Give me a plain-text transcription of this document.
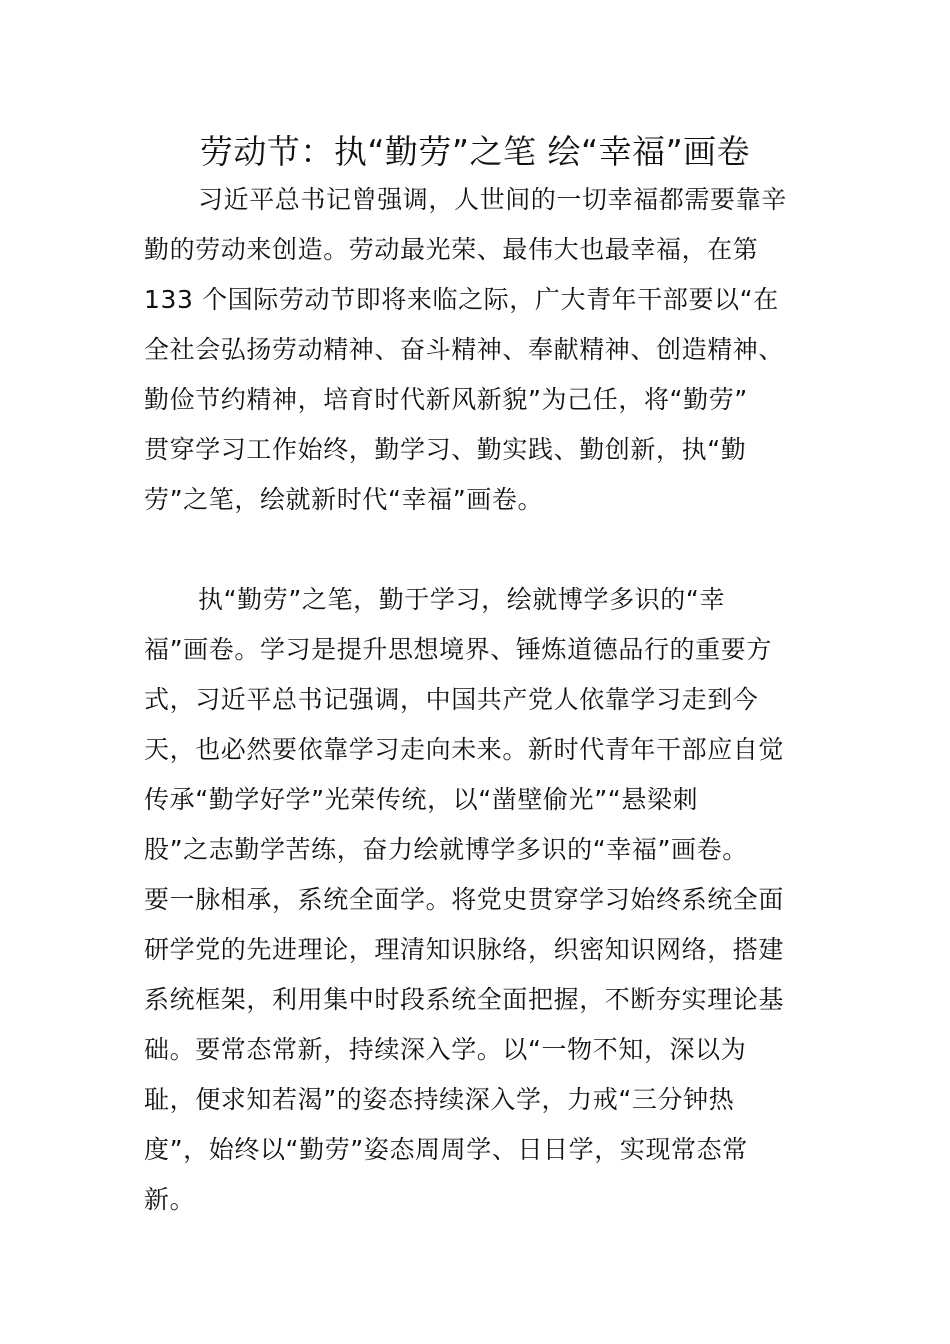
劳动节：执“勤劳”之笔 绘“幸福”画卷
习近平总书记曾强调，人世间的一切幸福都需要靠辛
勤的劳动来创造。劳动最光荣、最伟大也最幸福，在第
133 个国际劳动节即将来临之际，广大青年干部要以“在
全社会弘扬劳动精神、奋斗精神、奉献精神、创造精神、
勤俭节约精神，培育时代新风新貌”为己任，将“勤劳”
贯穿学习工作始终，勤学习、勤实践、勤创新，执“勤
劳”之笔，绘就新时代“幸福”画卷。
执“勤劳”之笔，勤于学习，绘就博学多识的“幸
福”画卷。学习是提升思想境界、锤炼道德品行的重要方
式，习近平总书记强调，中国共产党人依靠学习走到今
天，也必然要依靠学习走向未来。新时代青年干部应自觉
传承“勤学好学”光荣传统，以“凿壁偷光”“悬梁刺
股”之志勤学苦练，奋力绘就博学多识的“幸福”画卷。
要一脉相承，系统全面学。将党史贯穿学习始终系统全面
研学党的先进理论，理清知识脉络，织密知识网络，搭建
系统框架，利用集中时段系统全面把握，不断夯实理论基
础。要常态常新，持续深入学。以“一物不知，深以为
耻，便求知若渴”的姿态持续深入学，力戒“三分钟热
度”，始终以“勤劳”姿态周周学、日日学，实现常态常
新。
